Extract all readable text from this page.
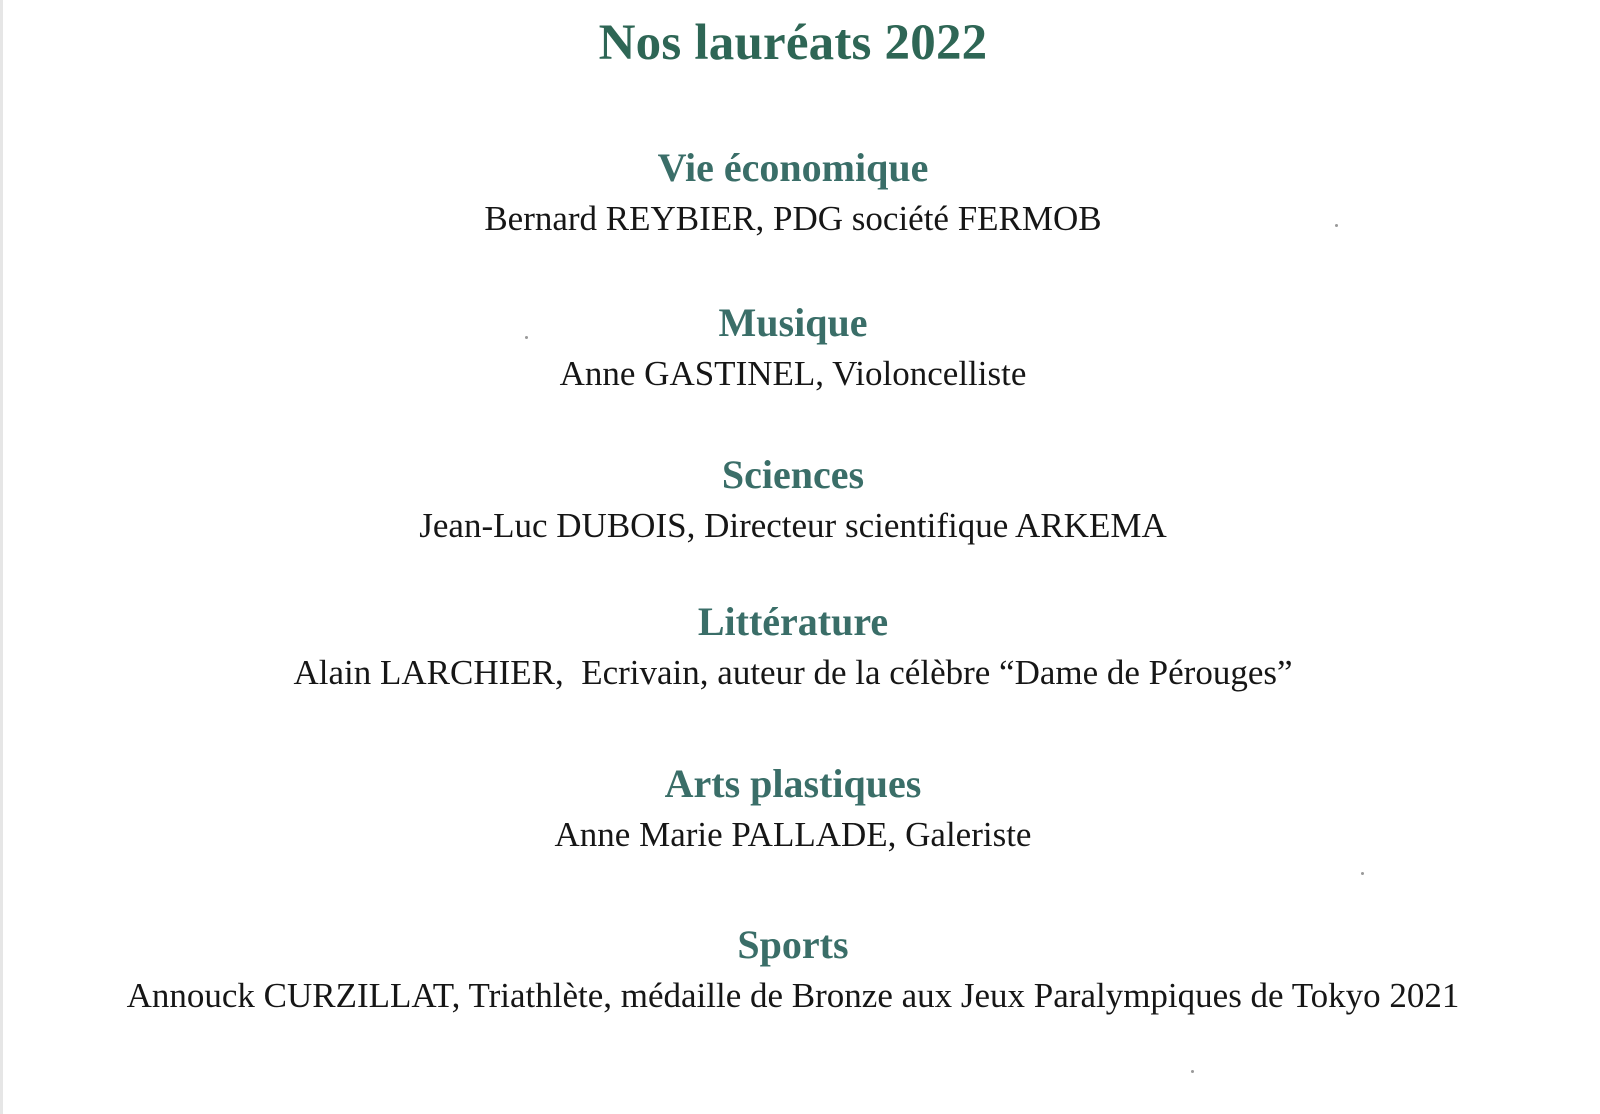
Nos lauréats 2022
Vie économique
Bernard REYBIER, PDG société FERMOB
Musique
Anne GASTINEL, Violoncelliste
Sciences
Jean-Luc DUBOIS, Directeur scientifique ARKEMA
Littérature
Alain LARCHIER,  Ecrivain, auteur de la célèbre “Dame de Pérouges”
Arts plastiques
Anne Marie PALLADE, Galeriste
Sports
Annouck CURZILLAT, Triathlète, médaille de Bronze aux Jeux Paralympiques de Tokyo 2021
